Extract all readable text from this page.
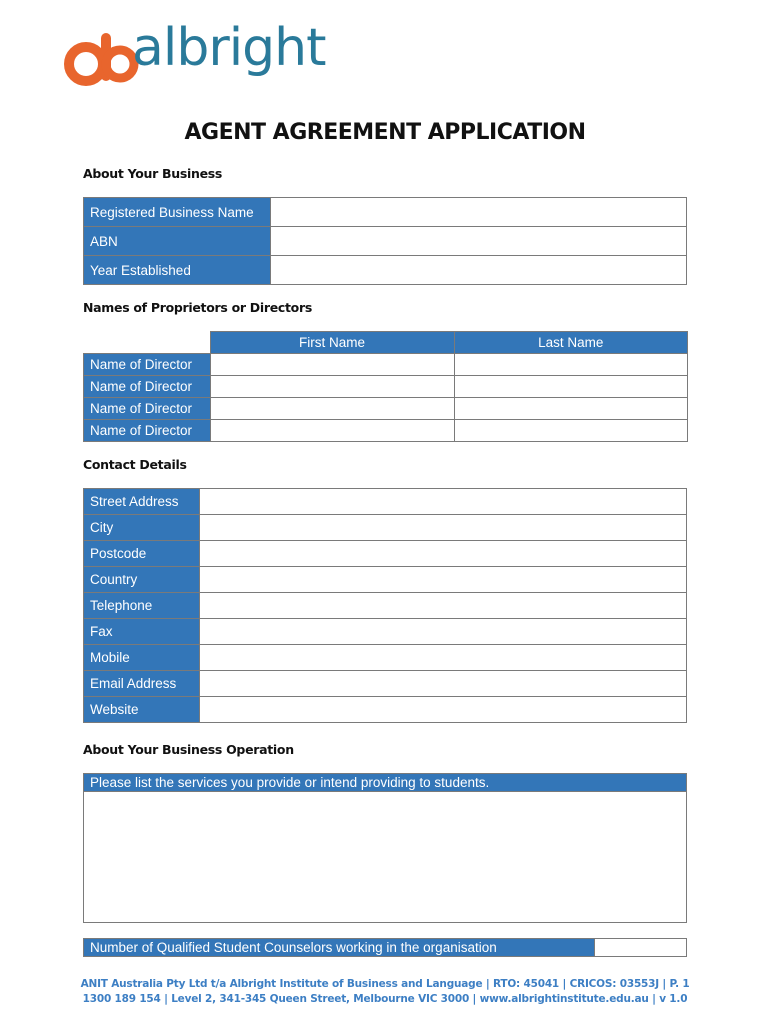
albright
AGENT AGREEMENT APPLICATION
About Your Business
Registered Business Name	
ABN	
Year Established	
Names of Proprietors or Directors
	First Name	Last Name
Name of Director		
Name of Director		
Name of Director		
Name of Director		
Contact Details
Street Address	
City	
Postcode	
Country	
Telephone	
Fax	
Mobile	
Email Address	
Website	
About Your Business Operation
Please list the services you provide or intend providing to students.

Number of Qualified Student Counselors working in the organisation	
ANIT Australia Pty Ltd t/a Albright Institute of Business and Language | RTO: 45041 | CRICOS: 03553J | P. 1
1300 189 154 | Level 2, 341-345 Queen Street, Melbourne VIC 3000 | www.albrightinstitute.edu.au | v 1.0
